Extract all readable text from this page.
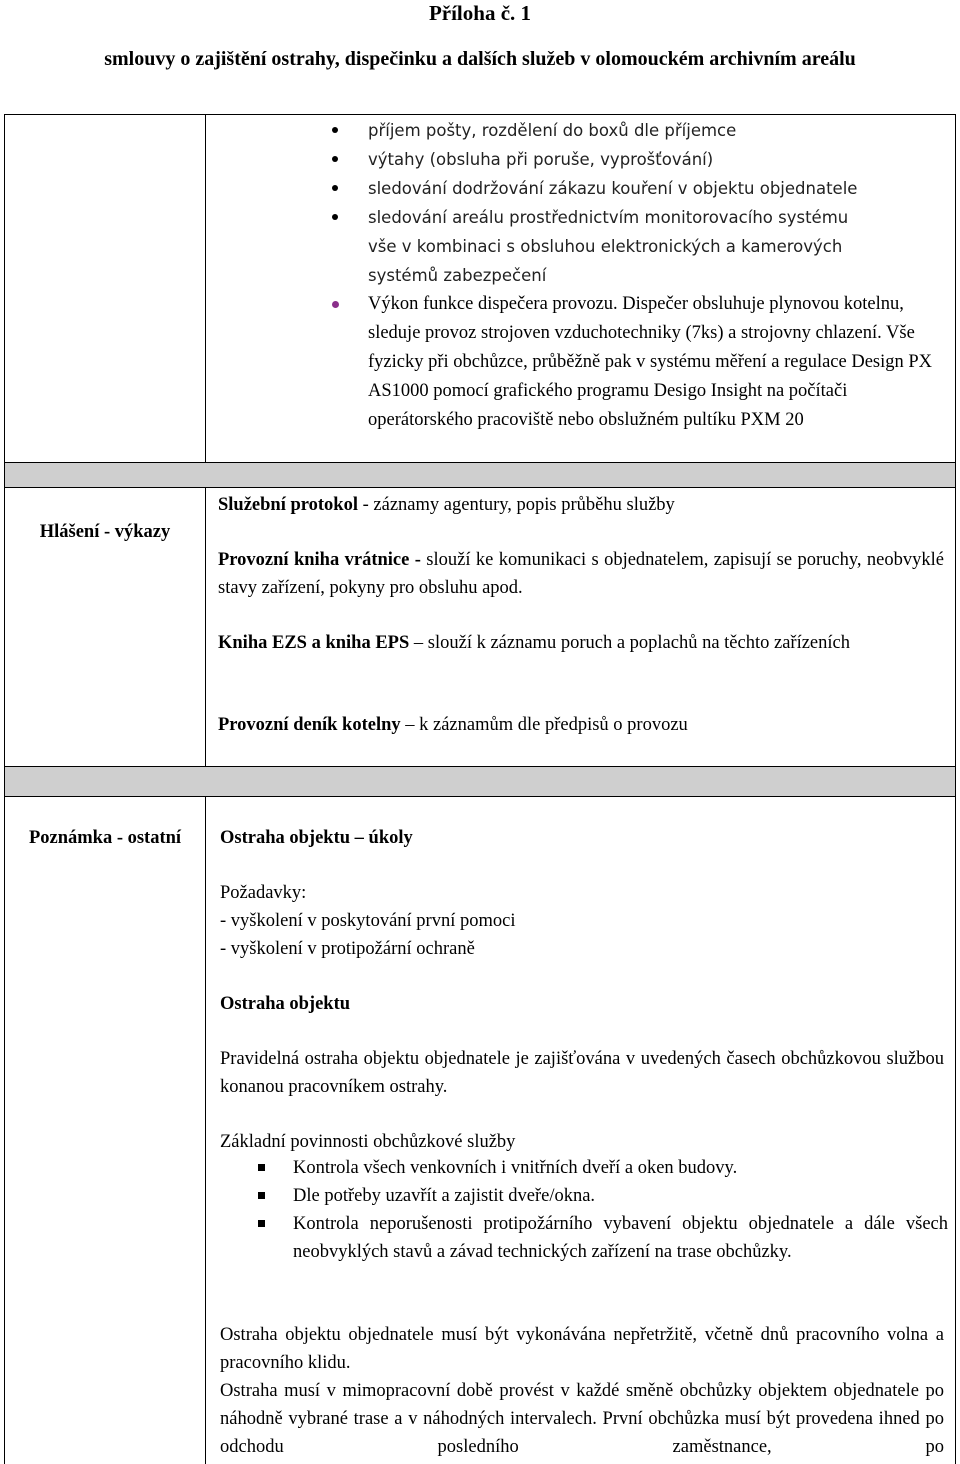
Příloha č. 1
smlouvy o zajištění ostrahy, dispečinku a dalších služeb v olomouckém archivním areálu
příjem pošty, rozdělení do boxů dle příjemce
výtahy (obsluha při poruše, vyprošťování)
sledování dodržování zákazu kouření v objektu objednatele
sledování areálu prostřednictvím monitorovacího systému
vše v kombinaci s obsluhou elektronických a kamerových systémů zabezpečení
Výkon funkce dispečera provozu. Dispečer obsluhuje plynovou kotelnu, sleduje provoz strojoven vzduchotechniky (7ks) a strojovny chlazení. Vše fyzicky při obchůzce, průběžně pak v systému měření a regulace Design PX AS1000 pomocí grafického programu Desigo Insight na počítači operátorského pracoviště nebo obslužném pultíku PXM 20
Hlášení - výkazy
Služební protokol - záznamy agentury, popis průběhu služby
Provozní kniha vrátnice - slouží ke komunikaci s objednatelem, zapisují se poruchy, neobvyklé stavy zařízení, pokyny pro obsluhu apod.
Kniha EZS a kniha EPS – slouží k záznamu poruch a poplachů na těchto zařízeních
Provozní deník kotelny – k záznamům dle předpisů o provozu
Poznámka - ostatní	Ostraha objektu – úkoly
Požadavky:
- vyškolení v poskytování první pomoci
- vyškolení v protipožární ochraně
Ostraha objektu
Pravidelná ostraha objektu objednatele je zajišťována v uvedených časech obchůzkovou službou konanou pracovníkem ostrahy.
Základní povinnosti obchůzkové služby
Kontrola všech venkovních i vnitřních dveří a oken budovy.
Dle potřeby uzavřít a zajistit dveře/okna.
Kontrola neporušenosti protipožárního vybavení objektu objednatele a dále všech neobvyklých stavů a závad technických zařízení na trase obchůzky.
Ostraha objektu objednatele musí být vykonávána nepřetržitě, včetně dnů pracovního volna a pracovního klidu.
Ostraha musí v mimopracovní době provést v každé směně obchůzky objektem objednatele po náhodně vybrané trase a v náhodných intervalech. První obchůzka musí být provedena ihned po odchodu posledního zaměstnance, po
